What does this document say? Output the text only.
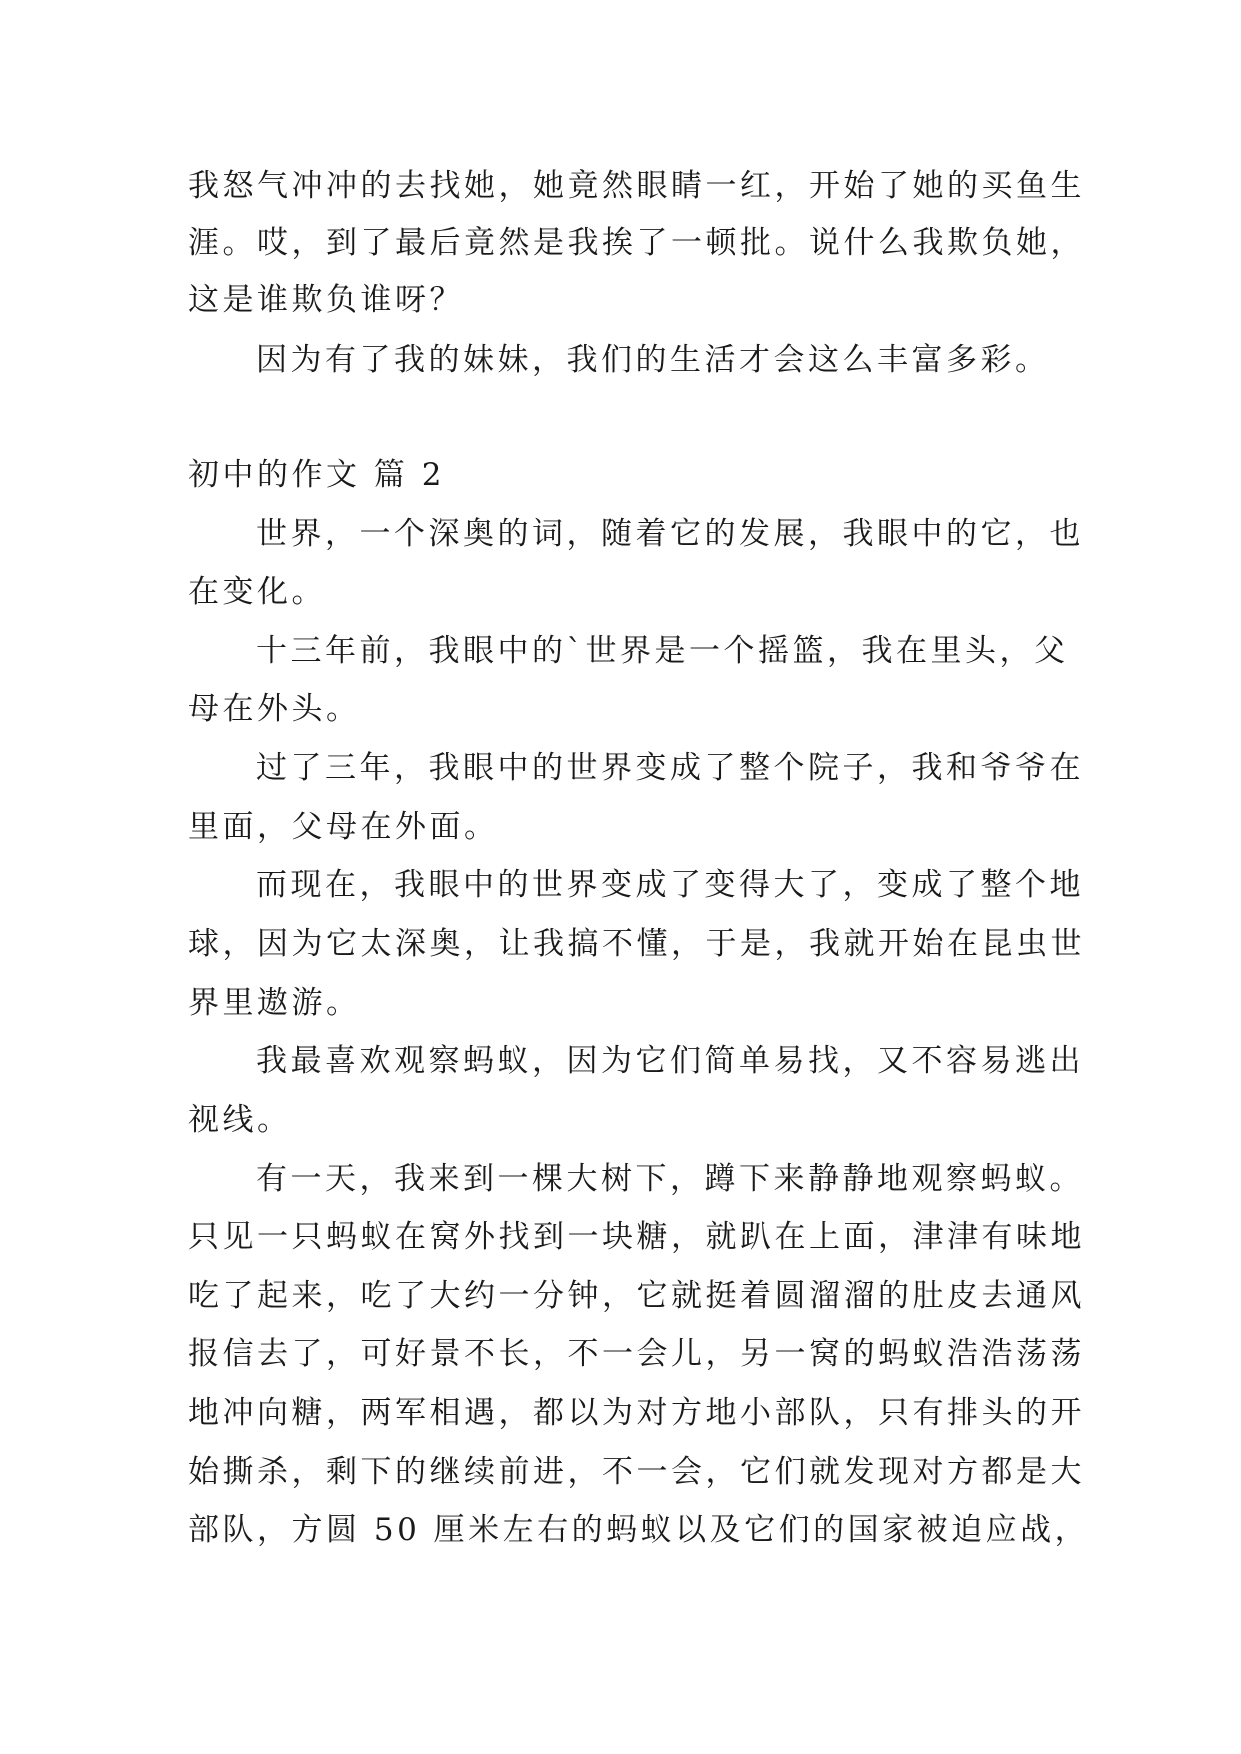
我怒气冲冲的去找她，她竟然眼睛一红，开始了她的买鱼生
涯。哎，到了最后竟然是我挨了一顿批。说什么我欺负她，
这是谁欺负谁呀？
因为有了我的妹妹，我们的生活才会这么丰富多彩。
初中的作文 篇 2
世界，一个深奥的词，随着它的发展，我眼中的它，也
在变化。
十三年前，我眼中的`世界是一个摇篮，我在里头，父
母在外头。
过了三年，我眼中的世界变成了整个院子，我和爷爷在
里面，父母在外面。
而现在，我眼中的世界变成了变得大了，变成了整个地
球，因为它太深奥，让我搞不懂，于是，我就开始在昆虫世
界里遨游。
我最喜欢观察蚂蚁，因为它们简单易找，又不容易逃出
视线。
有一天，我来到一棵大树下，蹲下来静静地观察蚂蚁。
只见一只蚂蚁在窝外找到一块糖，就趴在上面，津津有味地
吃了起来，吃了大约一分钟，它就挺着圆溜溜的肚皮去通风
报信去了，可好景不长，不一会儿，另一窝的蚂蚁浩浩荡荡
地冲向糖，两军相遇，都以为对方地小部队，只有排头的开
始撕杀，剩下的继续前进，不一会，它们就发现对方都是大
部队，方圆 50 厘米左右的蚂蚁以及它们的国家被迫应战，
